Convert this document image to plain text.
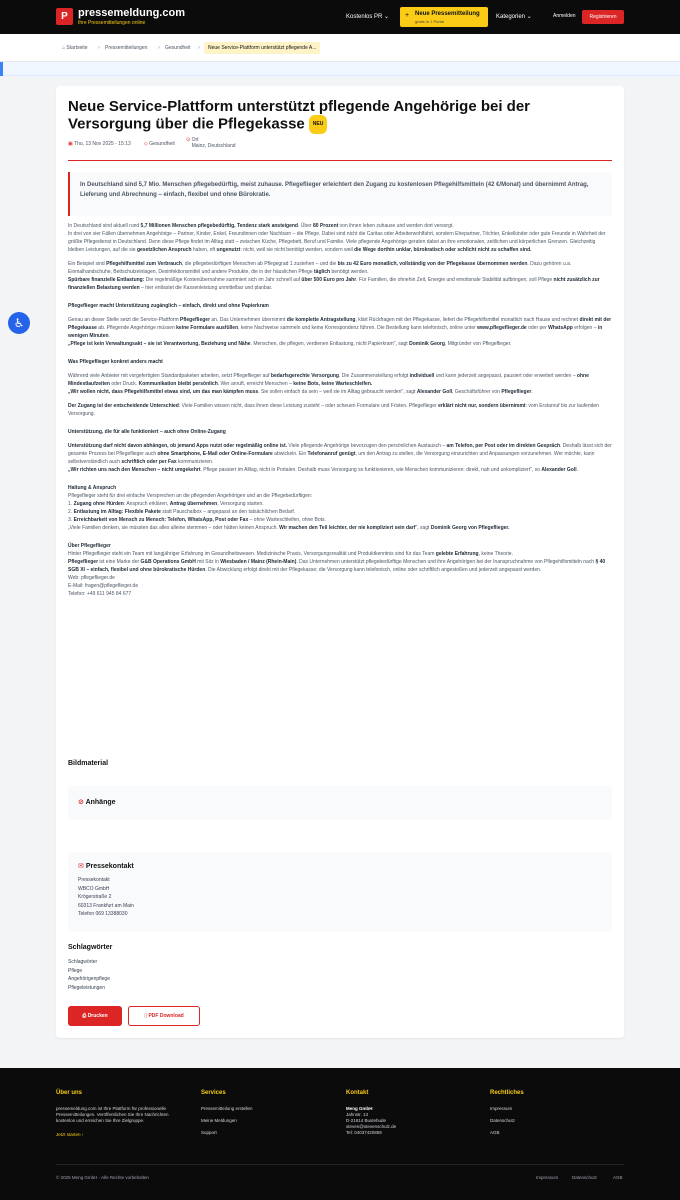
P pressemeldung.com
Ihre Pressemitteilungen online
Kostenlos PR ⌄ + Neue Pressemitteilung
gratis in 1 Portal
Kategorien ⌄	Anmelden	Registrieren
⌂ Startseite › Pressemitteilungen › Gesundheit ›	Neue Service-Plattform unterstützt pflegende A...
♿
Neue Service-Plattform unterstützt pflegende Angehörige bei der Versorgung über die Pflegekasse NEU
▣ Thu, 13 Nov 2025 - 15:13	◇ Gesundheit
⊙ Ort
Mainz, Deutschland
In Deutschland sind 5,7 Mio. Menschen pflegebedürftig, meist zuhause. Pflegeflieger erleichtert den Zugang zu kostenlosen Pflegehilfsmitteln (42 €/Monat) und übernimmt Antrag, Lieferung und Abrechnung – einfach, flexibel und ohne Bürokratie.

In Deutschland sind aktuell rund 5,7 Millionen Menschen pflegebedürftig, Tendenz stark ansteigend. Über 80 Prozent von ihnen leben zuhause und werden dort versorgt.
In drei von vier Fällen übernehmen Angehörige – Partner, Kinder, Enkel, Freundinnen oder Nachbarn – die Pflege. Dabei sind nicht die Caritas oder Arbeiterwohlfahrt, sondern Ehepartner, Töchter, Enkelkinder oder gute Freunde in Wahrheit der größte Pflegedienst in Deutschland. Denn diese Pflege findet im Alltag statt – zwischen Küche, Pflegebett, Beruf und Familie. Viele pflegende Angehörige geraten dabei an ihre emotionalen, zeitlichen und körperlichen Grenzen. Gleichzeitig bleiben Leistungen, auf die sie gesetzlichen Anspruch haben, oft ungenutzt: nicht, weil sie nicht benötigt werden, sondern weil die Wege dorthin unklar, bürokratisch oder schlicht nicht zu schaffen sind.

Ein Beispiel sind Pflegehilfsmittel zum Verbrauch, die pflegebedürftigen Menschen ab Pflegegrad 1 zustehen – und die bis zu 42 Euro monatlich, vollständig von der Pflegekasse übernommen werden. Dazu gehören u.a. Einmalhandschuhe, Bettschutzeinlagen, Desinfektionsmittel und andere Produkte, die in der häuslichen Pflege täglich benötigt werden.
Spürbare finanzielle Entlastung: Die regelmäßige Kostenübernahme summiert sich im Jahr schnell auf über 500 Euro pro Jahr. Für Familien, die ohnehin Zeit, Energie und emotionale Stabilität aufbringen, soll Pflege nicht zusätzlich zur finanziellen Belastung werden – hier entlastet die Kassenleistung unmittelbar und planbar.

Pflegeflieger macht Unterstützung zugänglich – einfach, direkt und ohne Papierkram

Genau an dieser Stelle setzt die Service-Plattform Pflegeflieger an. Das Unternehmen übernimmt die komplette Antragstellung, klärt Rückfragen mit der Pflegekasse, liefert die Pflegehilfsmittel monatlich nach Hause und rechnet direkt mit der Pflegekasse ab. Pflegende Angehörige müssen keine Formulare ausfüllen, keine Nachweise sammeln und keine Korrespondenz führen. Die Bestellung kann telefonisch, online unter www.pflegeflieger.de oder per WhatsApp erfolgen – in wenigen Minuten.
„Pflege ist kein Verwaltungsakt – sie ist Verantwortung, Beziehung und Nähe. Menschen, die pflegen, verdienen Entlastung, nicht Papierkram", sagt Dominik Georg, Mitgründer von Pflegeflieger.

Was Pflegeflieger konkret anders macht

Während viele Anbieter mit vorgefertigten Standardpaketen arbeiten, setzt Pflegeflieger auf bedarfsgerechte Versorgung. Die Zusammenstellung erfolgt individuell und kann jederzeit angepasst, pausiert oder erweitert werden – ohne Mindestlaufzeiten oder Druck. Kommunikation bleibt persönlich. Wer anruft, erreicht Menschen – keine Bots, keine Warteschleifen.
„Wir wollen nicht, dass Pflegehilfsmittel etwas sind, um das man kämpfen muss. Sie sollen einfach da sein – weil sie im Alltag gebraucht werden", sagt Alexander Goll, Geschäftsführer von Pflegeflieger.

Der Zugang ist der entscheidende Unterschied: Viele Familien wissen nicht, dass ihnen diese Leistung zusteht – oder scheuen Formulare und Fristen. Pflegeflieger erklärt nicht nur, sondern übernimmt: vom Erstanruf bis zur laufenden Versorgung.

Unterstützung, die für alle funktioniert – auch ohne Online-Zugang

Unterstützung darf nicht davon abhängen, ob jemand Apps nutzt oder regelmäßig online ist. Viele pflegende Angehörige bevorzugen den persönlichen Austausch – am Telefon, per Post oder im direkten Gespräch. Deshalb lässt sich der gesamte Prozess bei Pflegeflieger auch ohne Smartphone, E-Mail oder Online-Formulare abwickeln. Ein Telefonanruf genügt, um den Antrag zu stellen, die Versorgung einzurichten und Anpassungen vorzunehmen. Wer möchte, kann selbstverständlich auch schriftlich oder per Fax kommunizieren.
„Wir richten uns nach den Menschen – nicht umgekehrt. Pflege passiert im Alltag, nicht in Portalen. Deshalb muss Versorgung so funktionieren, wie Menschen kommunizieren: direkt, nah und unkompliziert", so Alexander Goll.

Haltung & Anspruch

Pflegeflieger steht für drei einfache Versprechen an die pflegenden Angehörigen und an die Pflegebedürftigen:
1. Zugang ohne Hürden: Anspruch erklären, Antrag übernehmen, Versorgung starten.
2. Entlastung im Alltag: Flexible Pakete statt Pauschalbox – angepasst an den tatsächlichen Bedarf.
3. Erreichbarkeit von Mensch zu Mensch: Telefon, WhatsApp, Post oder Fax – ohne Warteschleifen, ohne Bots.
„Viele Familien denken, sie müssten das alles alleine stemmen – oder hätten keinen Anspruch. Wir machen den Teil leichter, der nie kompliziert sein darf", sagt Dominik Georg von Pflegeflieger.

Über Pflegeflieger

Hinter Pflegeflieger steht ein Team mit langjähriger Erfahrung im Gesundheitswesen. Medizinische Praxis, Versorgungsrealität und Produktkenntnis sind für das Team gelebte Erfahrung, keine Theorie.
Pflegeflieger ist eine Marke der G&B Operations GmbH mit Sitz in Wiesbaden / Mainz (Rhein-Main). Das Unternehmen unterstützt pflegebedürftige Menschen und ihre Angehörigen bei der Inanspruchnahme von Pflegehilfsmitteln nach § 40 SGB XI – einfach, flexibel und ohne bürokratische Hürden. Die Abwicklung erfolgt direkt mit der Pflegekasse; die Versorgung kann telefonisch, online oder schriftlich angestoßen und jederzeit angepasst werden.
Web: pflegeflieger.de
E-Mail: fragen@pflegeflieger.de
Telefon: +49 611 945 84 677

Bildmaterial
⊘ Anhänge
✉ Pressekontakt
Pressekontakt
WBCO GmbH
Krögerstraße 2
60313 Frankfurt am Main
Telefon 069 13388030
Schlagwörter
Schlagwörter
Pflege
Angehörigenpflege
Pflegeleistungen
⎙ Drucken	▯ PDF Download
Über uns
pressemeldung.com ist Ihre Plattform für professionelle Pressemitteilungen. Veröffentlichen Sie Ihre Nachrichten kostenlos und erreichen Sie Ihre Zielgruppe.
Jetzt starten ›
Services
Pressemitteilung erstellen
Meine Meldungen
Support
Kontakt
Meng GmbH
Jahnstr. 13
D-21614 Buxtehude
steven@stevenschulz.de
Tel: 04037420859
Rechtliches
Impressum
Datenschutz
AGB
© 2025 Meng GmbH - Alle Rechte vorbehalten	Impressum	Datenschutz	AGB
